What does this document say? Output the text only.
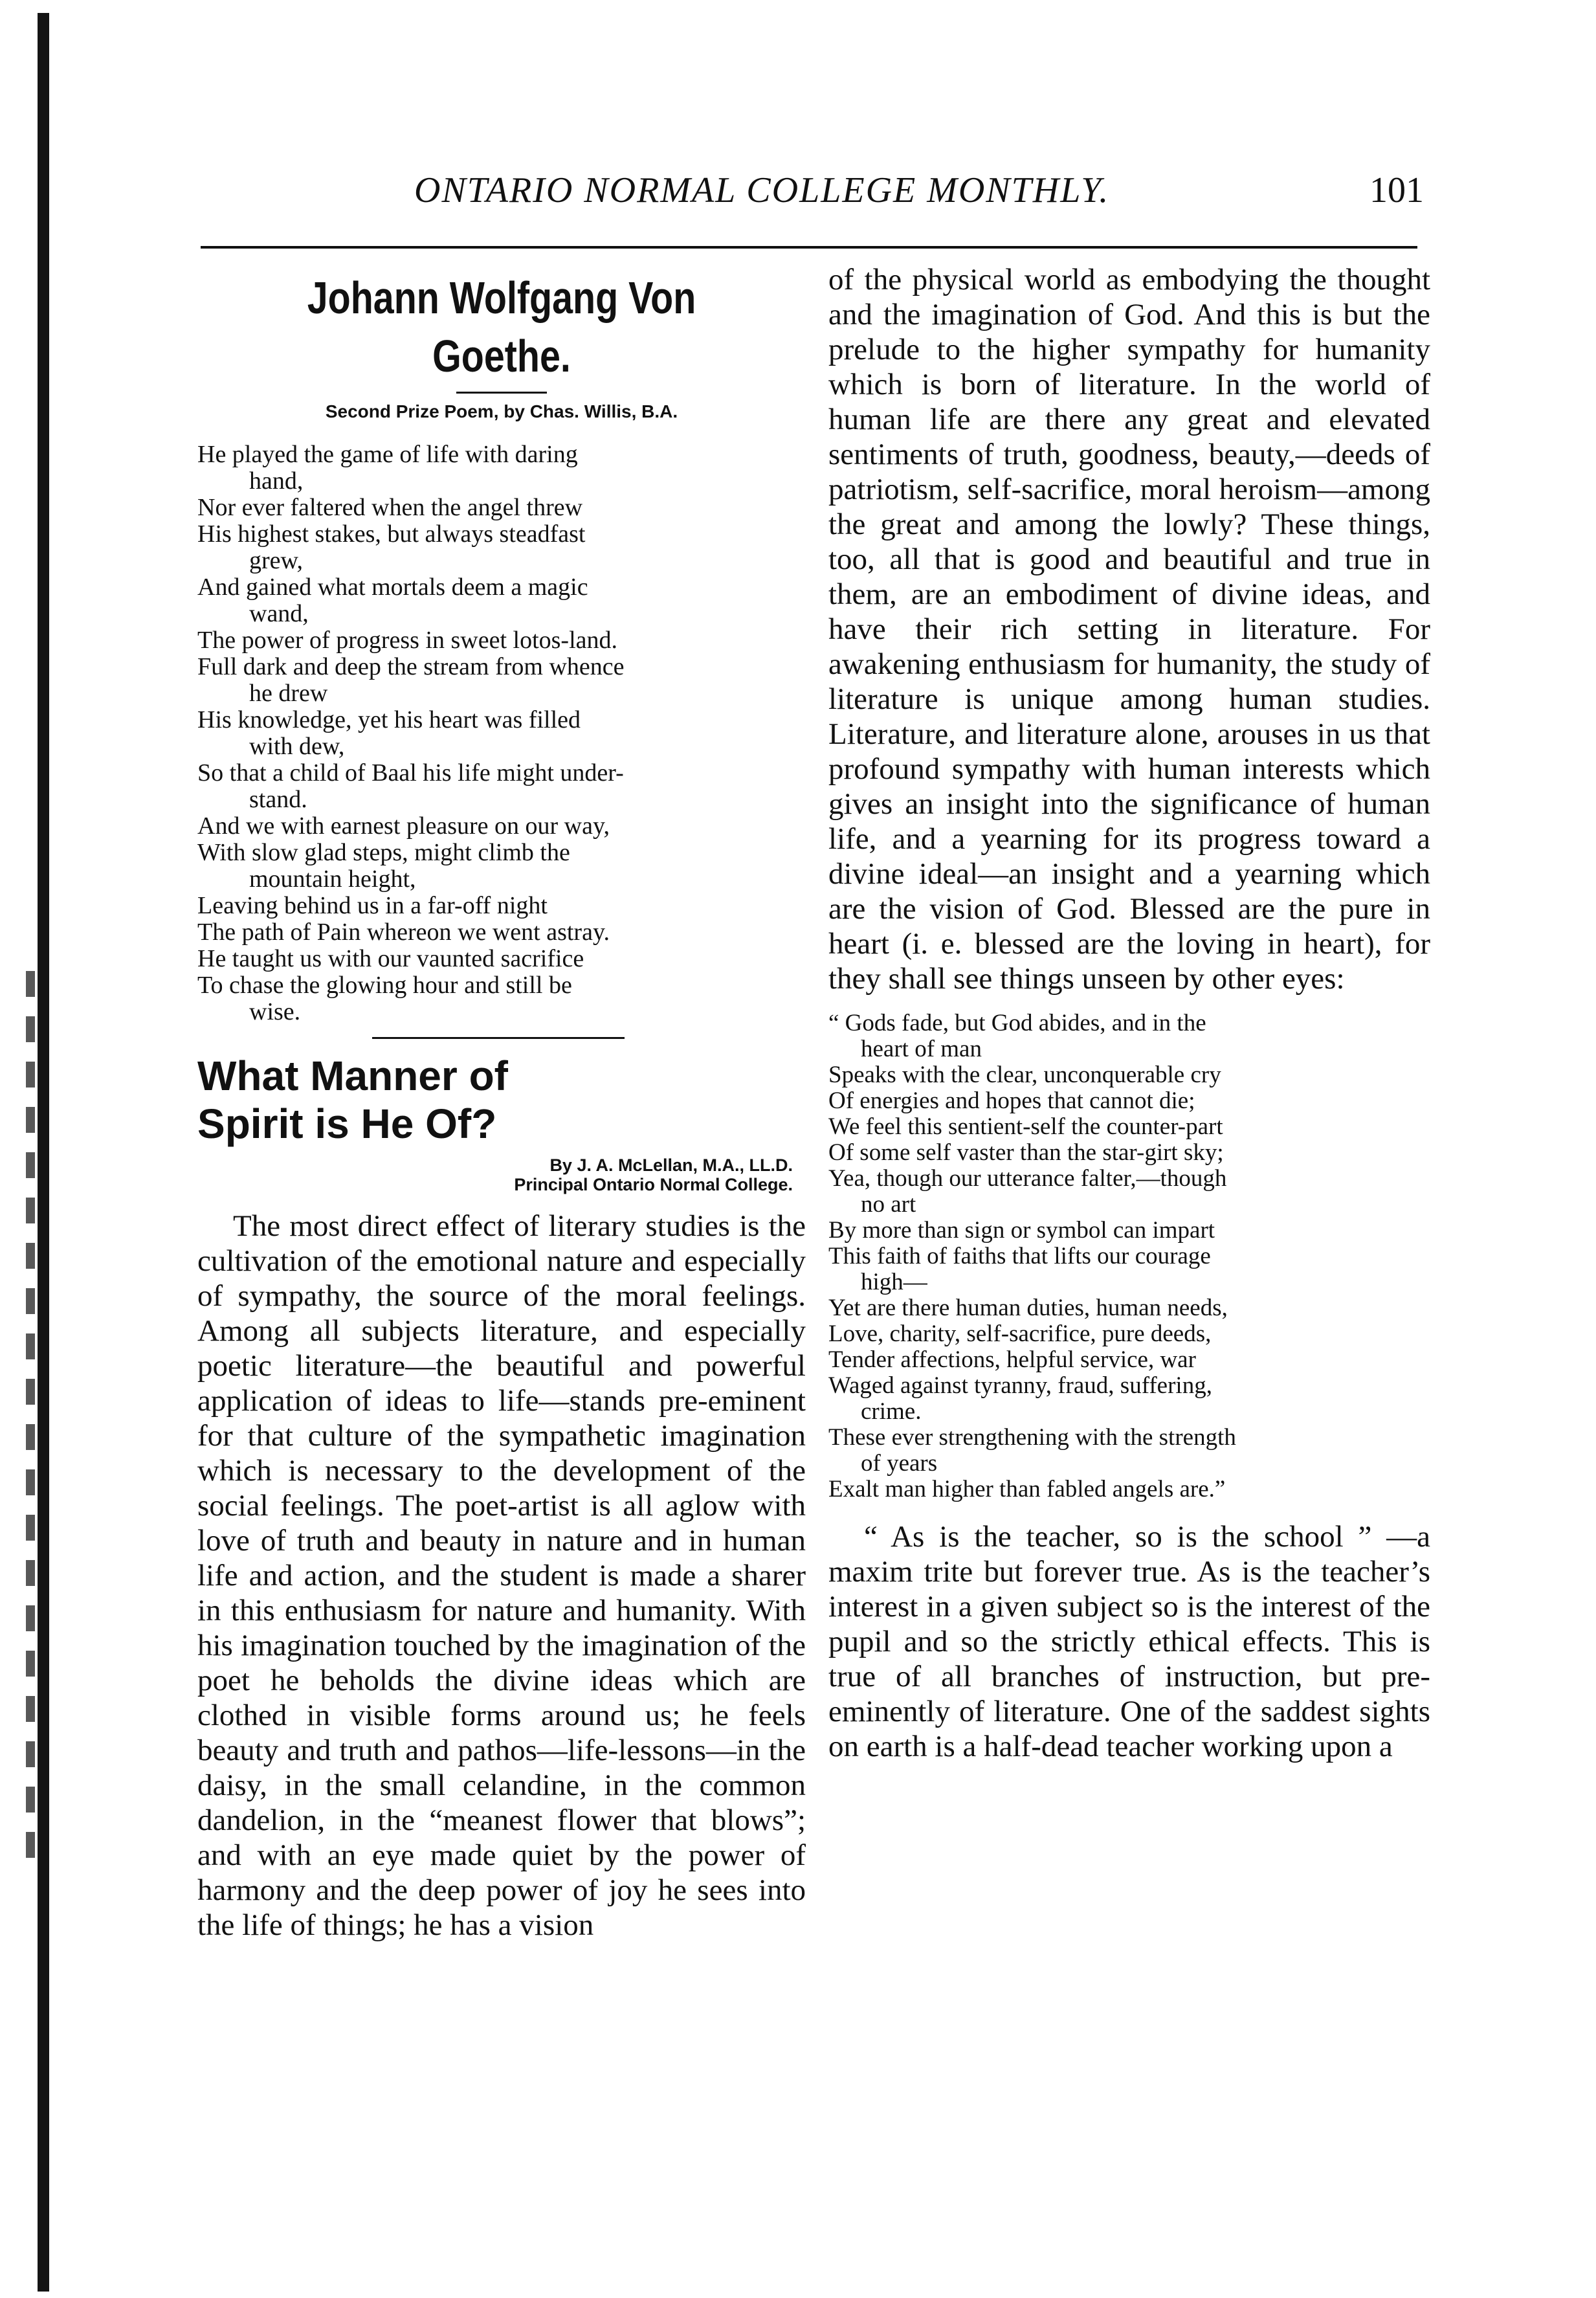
ONTARIO NORMAL COLLEGE MONTHLY.	101
Johann Wolfgang Von Goethe.
Second Prize Poem, by Chas. Willis, B.A.

He played the game of life with daring
hand,

Nor ever faltered when the angel threw

His highest stakes, but always steadfast
grew,

And gained what mortals deem a magic
wand,

The power of progress in sweet lotos-land.

Full dark and deep the stream from whence
he drew

His knowledge, yet his heart was filled
with dew,

So that a child of Baal his life might under-
stand.

And we with earnest pleasure on our way,

With slow glad steps, might climb the
mountain height,

Leaving behind us in a far-off night

The path of Pain whereon we went astray.

He taught us with our vaunted sacrifice

To chase the glowing hour and still be
wise.

What Manner of
Spirit is He Of?
By J. A. McLellan, M.A., LL.D.
Principal Ontario Normal College.

The most direct effect of literary studies is the cultivation of the emotional nature and especially of sympathy, the source of the moral feelings. Among all subjects literature, and especially poetic literature—the beautiful and powerful application of ideas to life—stands pre-eminent for that culture of the sympathetic imagination which is necessary to the development of the social feelings. The poet-artist is all aglow with love of truth and beauty in nature and in human life and action, and the student is made a sharer in this enthusiasm for nature and humanity. With his imagination touched by the imagination of the poet he beholds the divine ideas which are clothed in visible forms around us; he feels beauty and truth and pathos—life-lessons—in the daisy, in the small celandine, in the common dandelion, in the “meanest flower that blows”; and with an eye made quiet by the power of harmony and the deep power of joy he sees into the life of things; he has a vision

of the physical world as embodying the thought and the imagination of God. And this is but the prelude to the higher sympathy for humanity which is born of literature. In the world of human life are there any great and elevated sentiments of truth, goodness, beauty,—deeds of patriotism, self-sacrifice, moral heroism—among the great and among the lowly? These things, too, all that is good and beautiful and true in them, are an embodiment of divine ideas, and have their rich setting in literature. For awakening enthusiasm for humanity, the study of literature is unique among human studies. Literature, and literature alone, arouses in us that profound sympathy with human interests which gives an insight into the significance of human life, and a yearning for its progress toward a divine ideal—an insight and a yearning which are the vision of God. Blessed are the pure in heart (i. e. blessed are the loving in heart), for they shall see things unseen by other eyes:

“ Gods fade, but God abides, and in the
heart of man

Speaks with the clear, unconquerable cry

Of energies and hopes that cannot die;

We feel this sentient-self the counter-part

Of some self vaster than the star-girt sky;

Yea, though our utterance falter,—though
no art

By more than sign or symbol can impart

This faith of faiths that lifts our courage
high—

Yet are there human duties, human needs,

Love, charity, self-sacrifice, pure deeds,

Tender affections, helpful service, war

Waged against tyranny, fraud, suffering,
crime.

These ever strengthening with the strength
of years

Exalt man higher than fabled angels are.”

“ As is the teacher, so is the school ” —a maxim trite but forever true. As is the teacher’s interest in a given subject so is the interest of the pupil and so the strictly ethical effects. This is true of all branches of instruction, but pre-eminently of literature. One of the saddest sights on earth is a half-dead teacher working upon a
